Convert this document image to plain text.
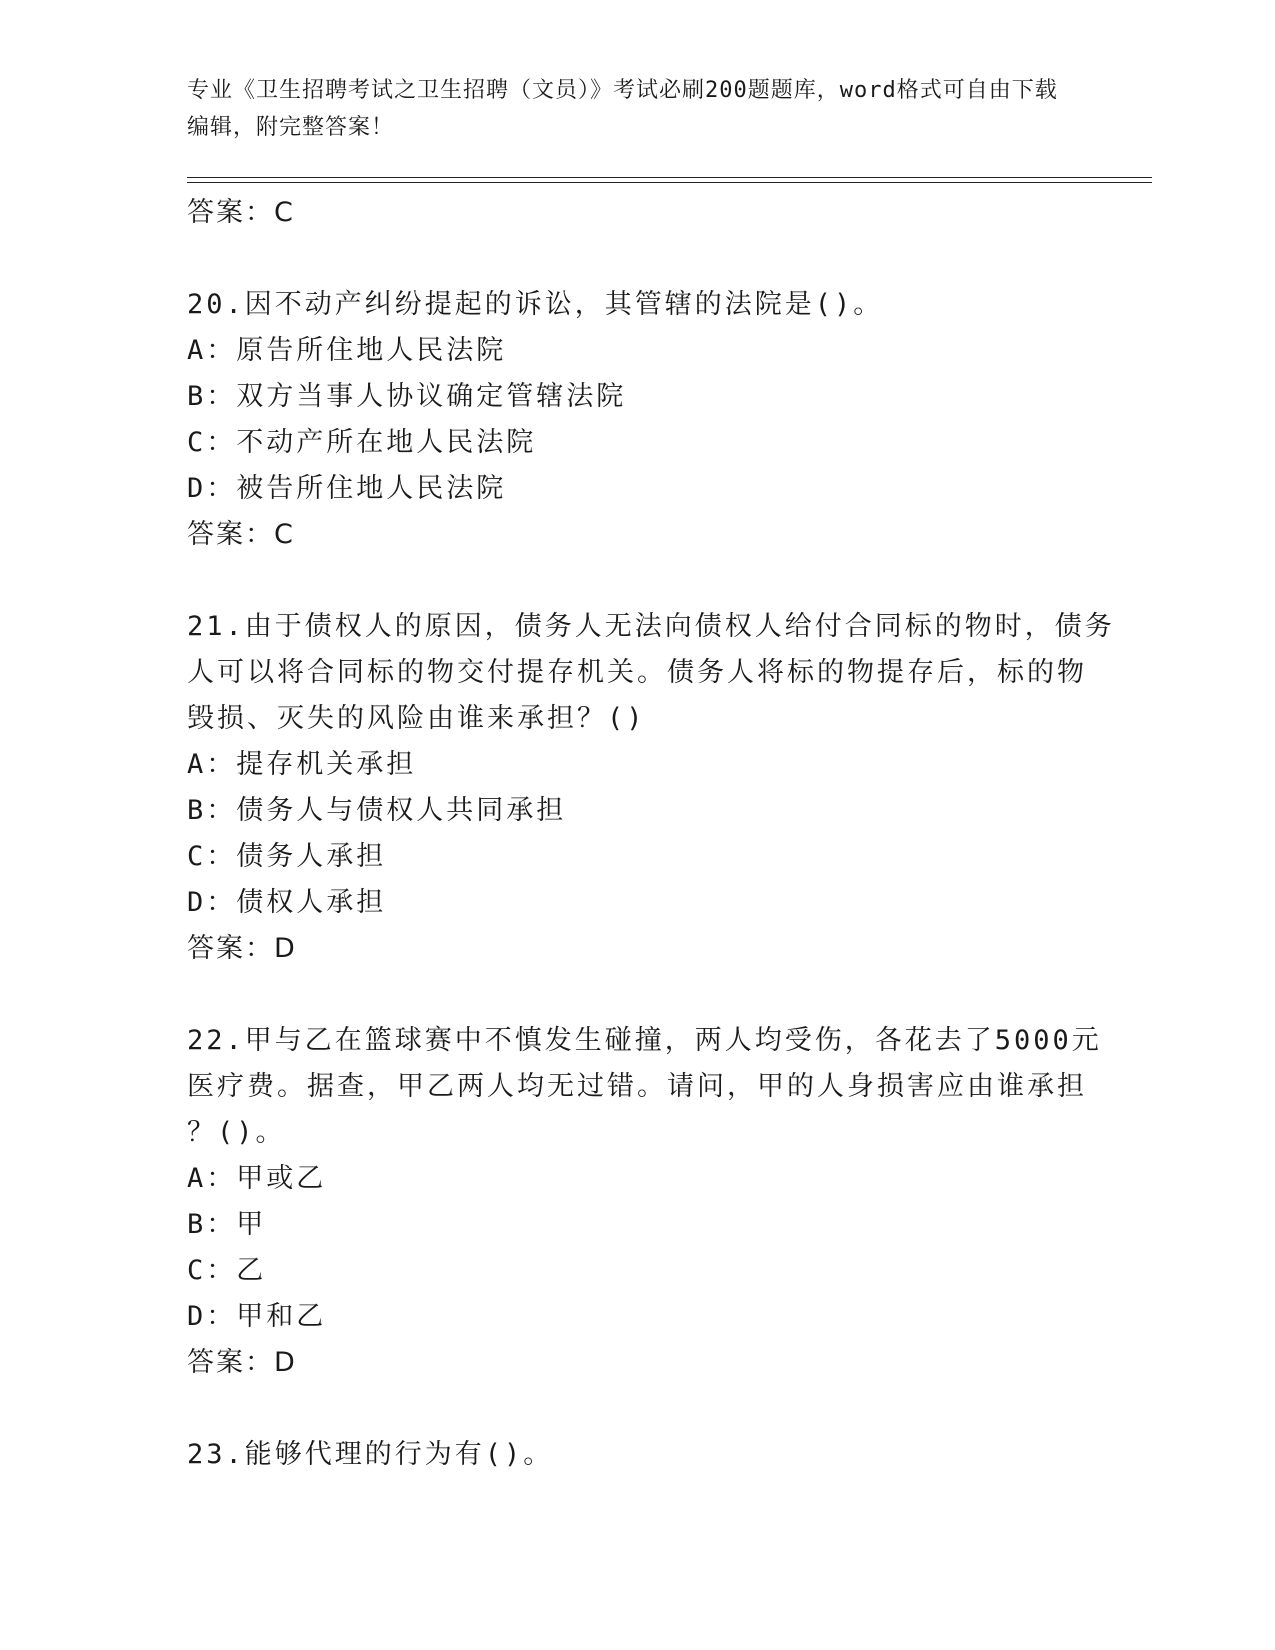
专业《卫生招聘考试之卫生招聘（文员）》考试必刷200题题库，word格式可自由下载编辑，附完整答案！
答案：C
20.因不动产纠纷提起的诉讼，其管辖的法院是()。
A：原告所住地人民法院
B：双方当事人协议确定管辖法院
C：不动产所在地人民法院
D：被告所住地人民法院
答案：C
21.由于债权人的原因，债务人无法向债权人给付合同标的物时，债务
人可以将合同标的物交付提存机关。债务人将标的物提存后，标的物
毁损、灭失的风险由谁来承担？()
A：提存机关承担
B：债务人与债权人共同承担
C：债务人承担
D：债权人承担
答案：D
22.甲与乙在篮球赛中不慎发生碰撞，两人均受伤，各花去了5000元
医疗费。据查，甲乙两人均无过错。请问，甲的人身损害应由谁承担
？()。
A：甲或乙
B：甲
C：乙
D：甲和乙
答案：D
23.能够代理的行为有()。
